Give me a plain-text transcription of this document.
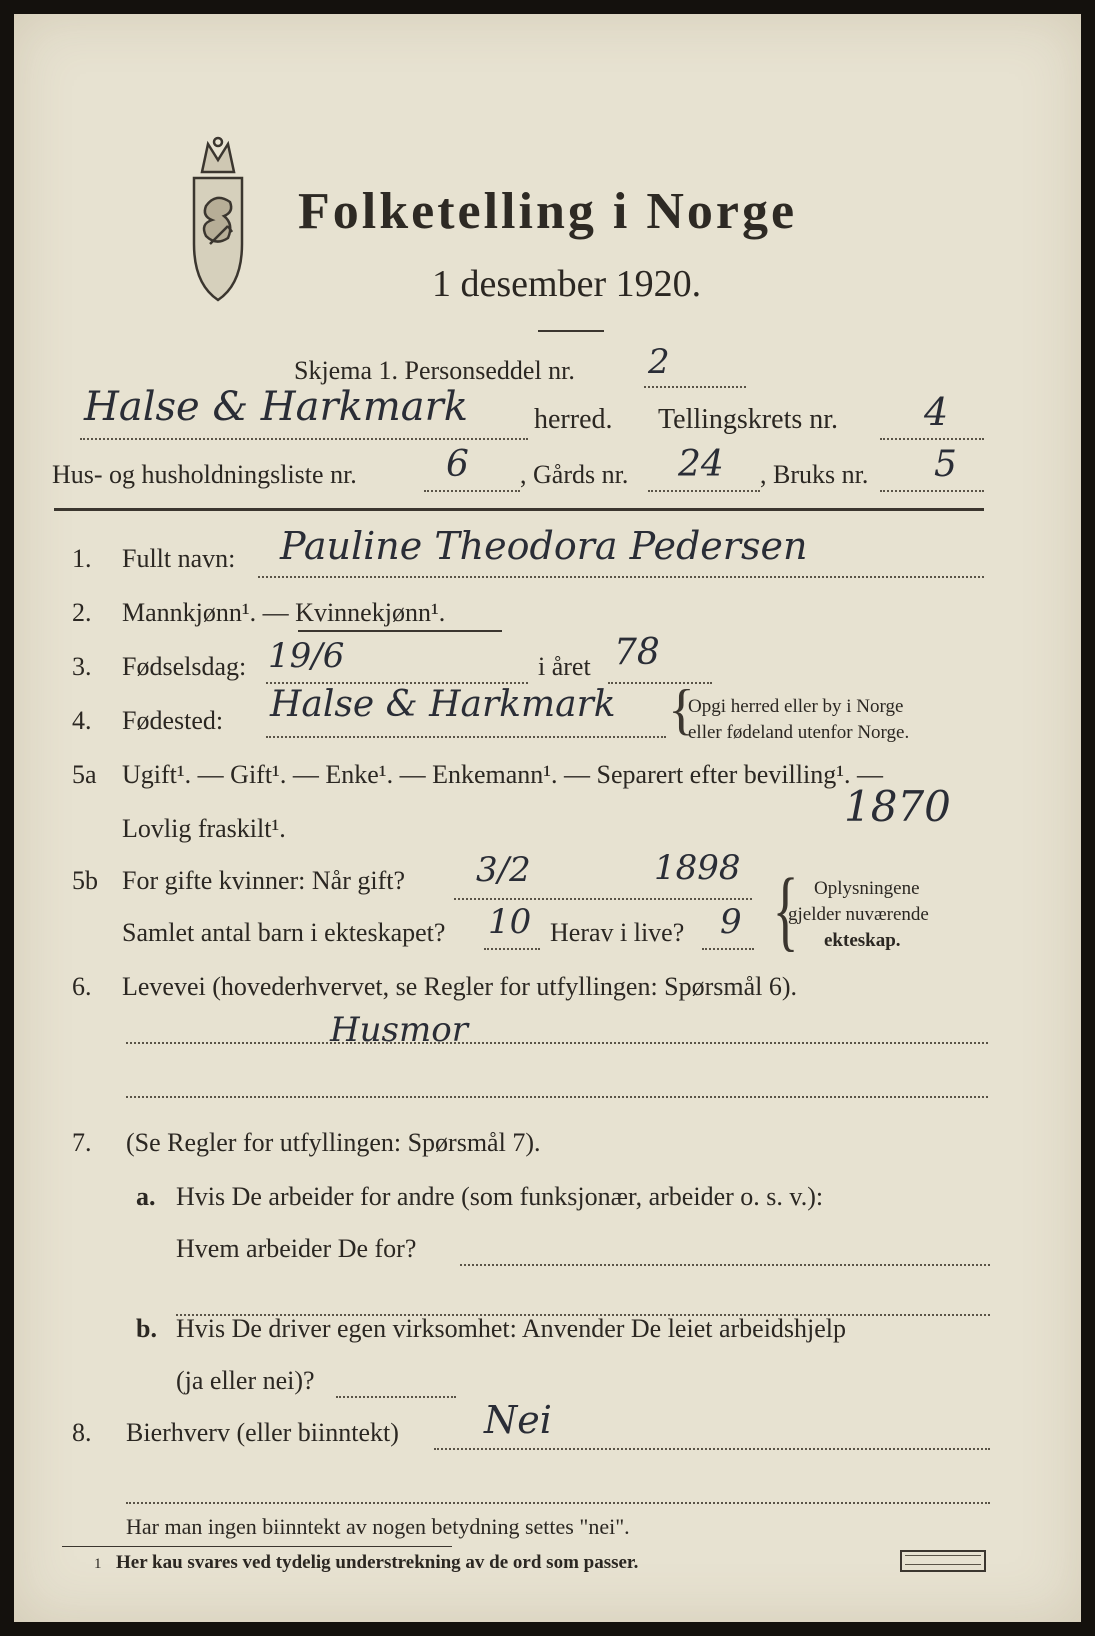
Folketelling i Norge
1 desember 1920.
Skjema 1. Personseddel nr. 2
Halse & Harkmark herred. Tellingskrets nr. 4
Hus- og husholdningsliste nr. 6 , Gårds nr. 24 , Bruks nr. 5
1. Fullt navn: Pauline Theodora Pedersen
2. Mannkjønn¹. — Kvinnekjønn¹.
3. Fødselsdag: 19/6	i året 78
4. Fødested: Halse & Harkmark {
Opgi herred eller by i Norge
eller fødeland utenfor Norge.
5a Ugift¹. — Gift¹. — Enke¹. — Enkemann¹. — Separert efter bevilling¹. —
Lovlig fraskilt¹.	1870
5b For gifte kvinner: Når gift? 3/2	1898
Samlet antal barn i ekteskapet? 10 Herav i live? 9 { Oplysningene
gjelder nuværende
ekteskap.
6. Levevei (hovederhvervet, se Regler for utfyllingen: Spørsmål 6).
Husmor
7. (Se Regler for utfyllingen: Spørsmål 7).
a. Hvis De arbeider for andre (som funksjonær, arbeider o. s. v.):
Hvem arbeider De for?
b. Hvis De driver egen virksomhet: Anvender De leiet arbeidshjelp
(ja eller nei)?
8. Bierhverv (eller biinntekt) Nei
Har man ingen biinntekt av nogen betydning settes "nei".
1 Her kau svares ved tydelig understrekning av de ord som passer.
